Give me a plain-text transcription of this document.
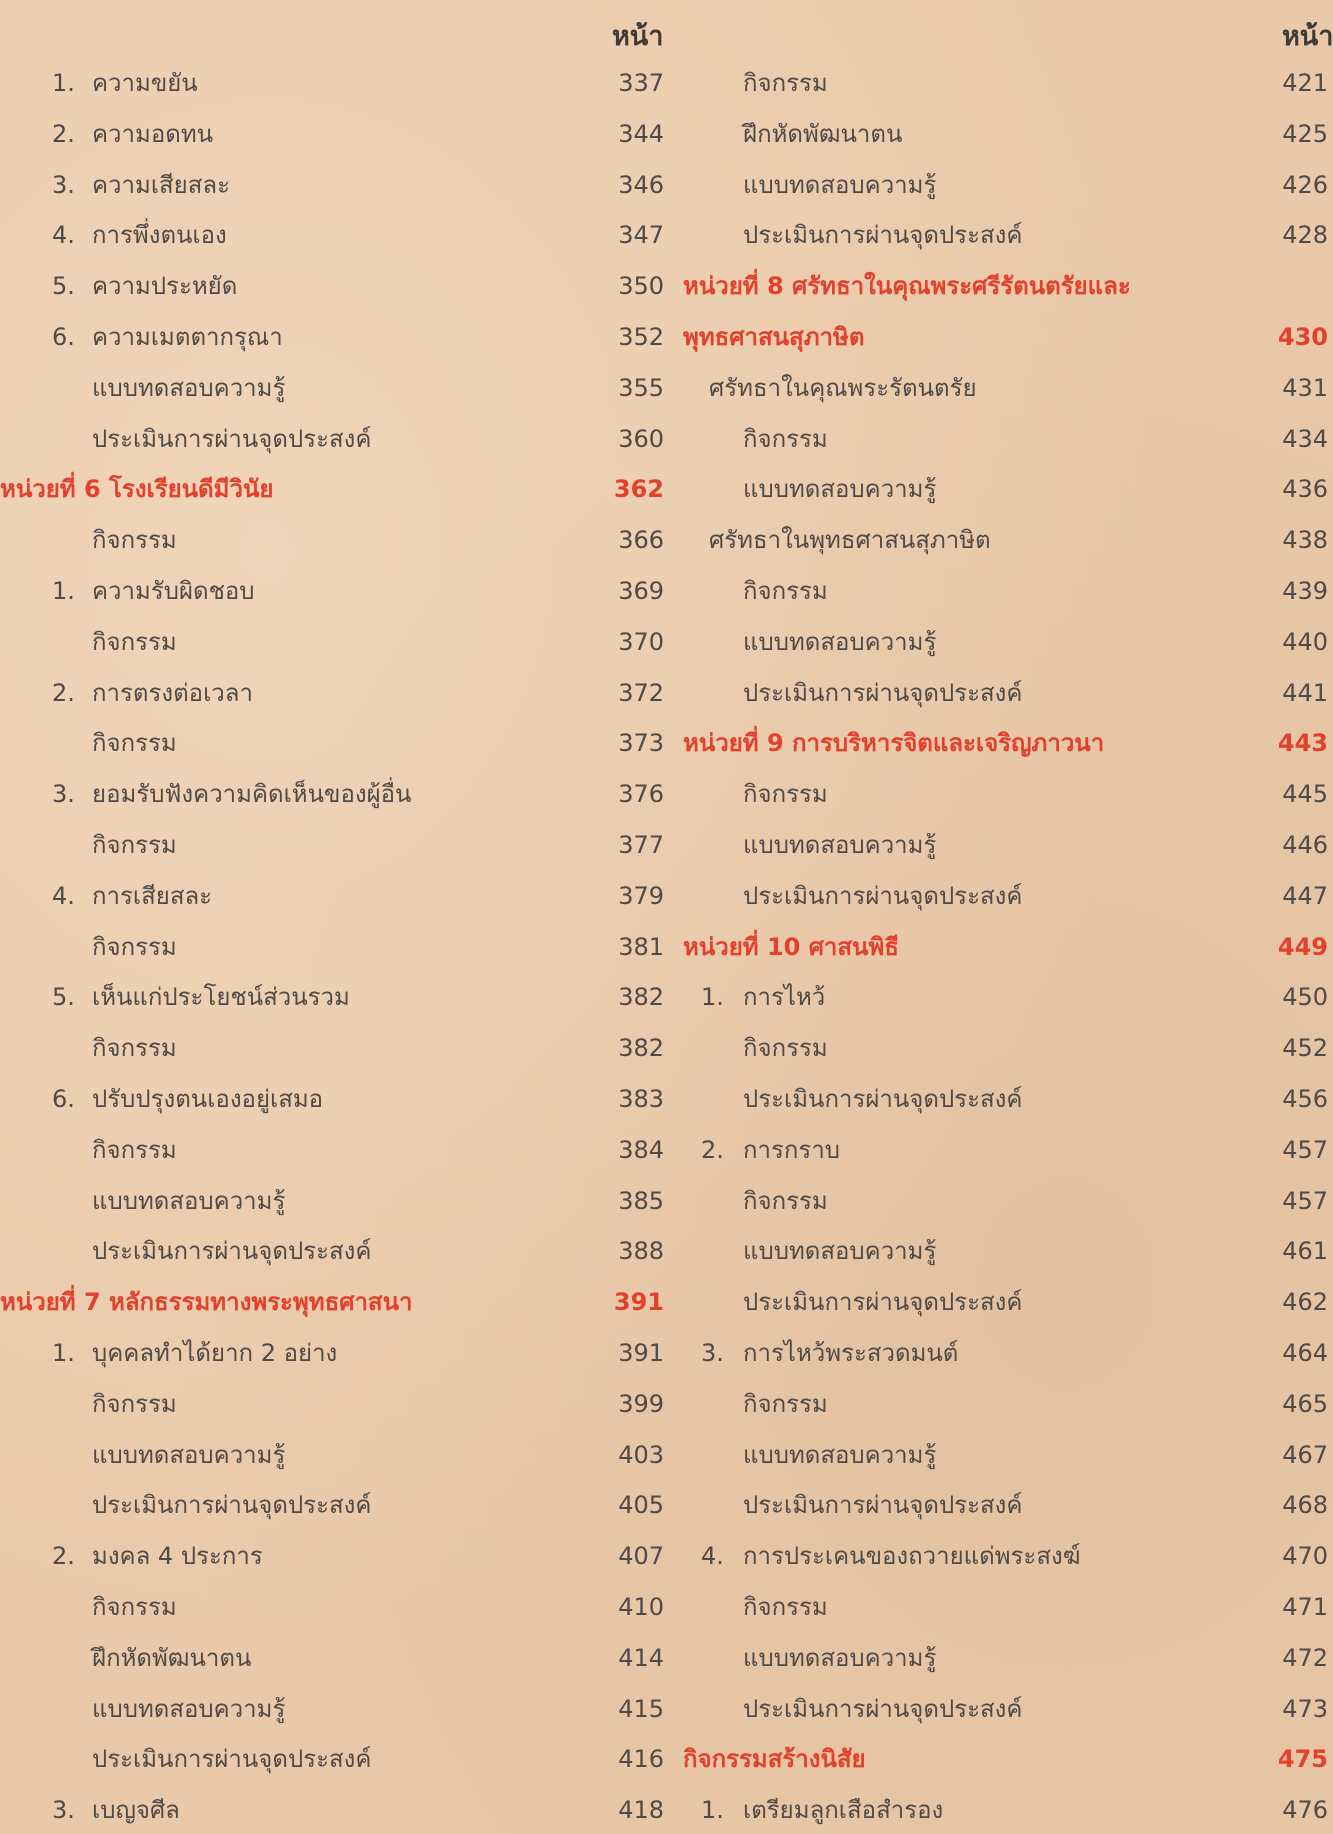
หน้า	หน้า
1. ความขยัน	337
2. ความอดทน	344
3. ความเสียสละ	346
4. การพึ่งตนเอง	347
5. ความประหยัด	350
6. ความเมตตากรุณา	352
แบบทดสอบความรู้	355
ประเมินการผ่านจุดประสงค์	360
หน่วยที่ 6 โรงเรียนดีมีวินัย	362
กิจกรรม	366
1. ความรับผิดชอบ	369
กิจกรรม	370
2. การตรงต่อเวลา	372
กิจกรรม	373
3. ยอมรับฟังความคิดเห็นของผู้อื่น	376
กิจกรรม	377
4. การเสียสละ	379
กิจกรรม	381
5. เห็นแก่ประโยชน์ส่วนรวม	382
กิจกรรม	382
6. ปรับปรุงตนเองอยู่เสมอ	383
กิจกรรม	384
แบบทดสอบความรู้	385
ประเมินการผ่านจุดประสงค์	388
หน่วยที่ 7 หลักธรรมทางพระพุทธศาสนา	391
1. บุคคลทำได้ยาก 2 อย่าง	391
กิจกรรม	399
แบบทดสอบความรู้	403
ประเมินการผ่านจุดประสงค์	405
2. มงคล 4 ประการ	407
กิจกรรม	410
ฝึกหัดพัฒนาตน	414
แบบทดสอบความรู้	415
ประเมินการผ่านจุดประสงค์	416
3. เบญจศีล	418
กิจกรรม	421
ฝึกหัดพัฒนาตน	425
แบบทดสอบความรู้	426
ประเมินการผ่านจุดประสงค์	428
หน่วยที่ 8 ศรัทธาในคุณพระศรีรัตนตรัยและ
พุทธศาสนสุภาษิต	430
ศรัทธาในคุณพระรัตนตรัย	431
กิจกรรม	434
แบบทดสอบความรู้	436
ศรัทธาในพุทธศาสนสุภาษิต	438
กิจกรรม	439
แบบทดสอบความรู้	440
ประเมินการผ่านจุดประสงค์	441
หน่วยที่ 9 การบริหารจิตและเจริญภาวนา	443
กิจกรรม	445
แบบทดสอบความรู้	446
ประเมินการผ่านจุดประสงค์	447
หน่วยที่ 10 ศาสนพิธี	449
1. การไหว้	450
กิจกรรม	452
ประเมินการผ่านจุดประสงค์	456
2. การกราบ	457
กิจกรรม	457
แบบทดสอบความรู้	461
ประเมินการผ่านจุดประสงค์	462
3. การไหว้พระสวดมนต์	464
กิจกรรม	465
แบบทดสอบความรู้	467
ประเมินการผ่านจุดประสงค์	468
4. การประเคนของถวายแด่พระสงฆ์	470
กิจกรรม	471
แบบทดสอบความรู้	472
ประเมินการผ่านจุดประสงค์	473
กิจกรรมสร้างนิสัย	475
1. เตรียมลูกเสือสำรอง	476
